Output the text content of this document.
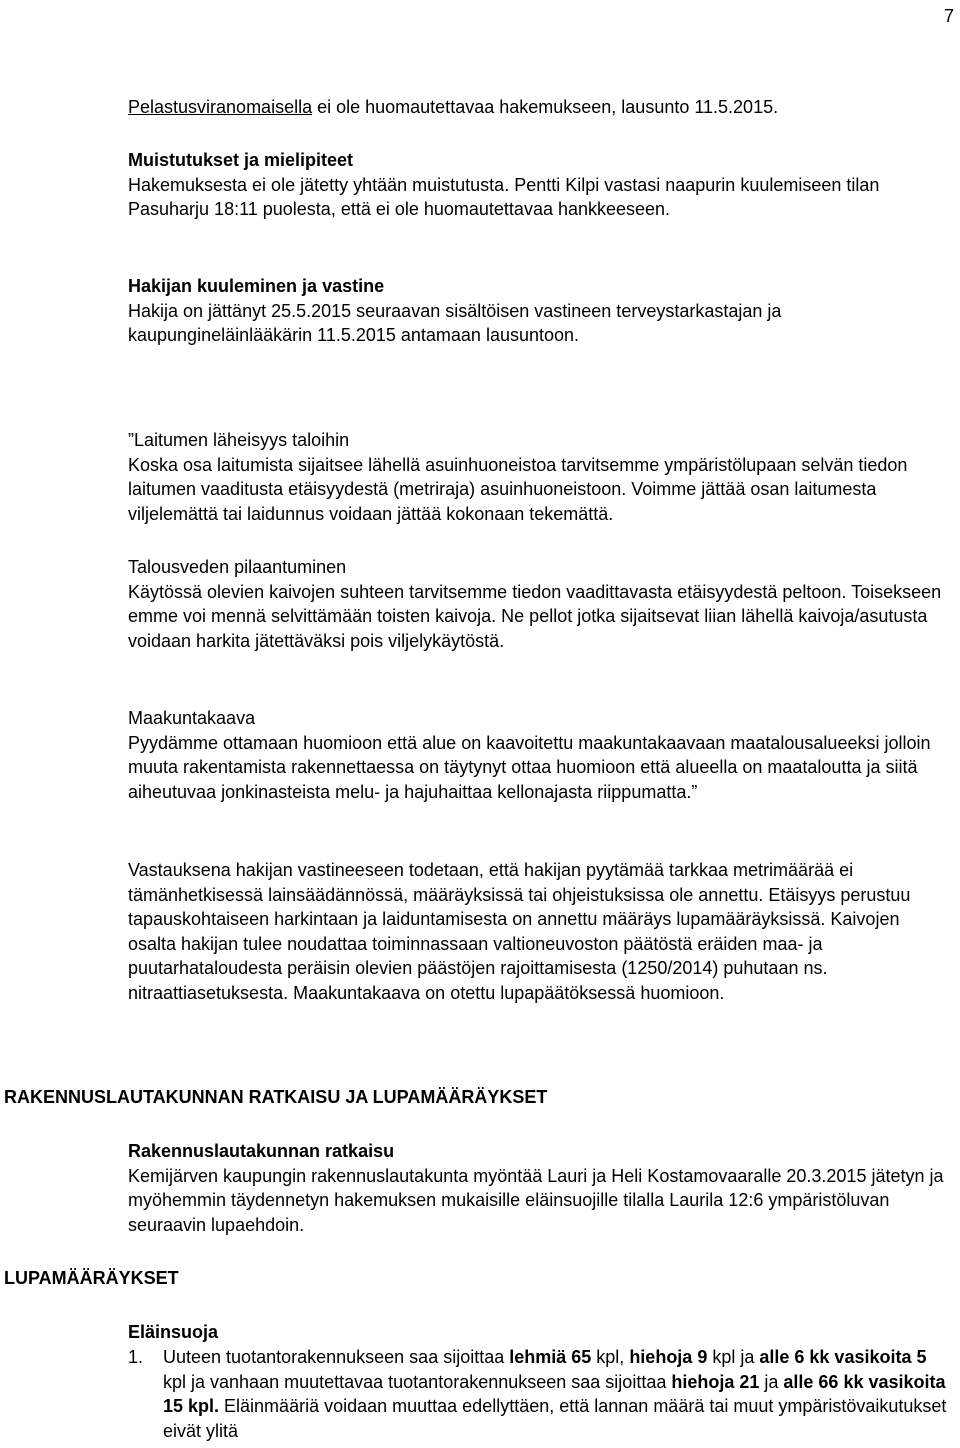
7

Pelastusviranomaisella ei ole huomautettavaa hakemukseen, lausunto 11.5.2015.

Muistutukset ja mielipiteet

Hakemuksesta ei ole jätetty yhtään muistutusta. Pentti Kilpi vastasi naapurin kuulemiseen tilan Pasuharju 18:11 puolesta, että ei ole huomautettavaa hankkeeseen.

Hakijan kuuleminen ja vastine

Hakija on jättänyt 25.5.2015 seuraavan sisältöisen vastineen terveystarkastajan ja kaupungineläinlääkärin 11.5.2015 antamaan lausuntoon.

”Laitumen läheisyys taloihin

Koska osa laitumista sijaitsee lähellä asuinhuoneistoa tarvitsemme ympäristölupaan selvän tiedon laitumen vaaditusta etäisyydestä (metriraja) asuinhuoneistoon. Voimme jättää osan laitumesta viljelemättä tai laidunnus voidaan jättää kokonaan tekemättä.

Talousveden pilaantuminen

Käytössä olevien kaivojen suhteen tarvitsemme tiedon vaadittavasta etäisyydestä peltoon. Toisekseen emme voi mennä selvittämään toisten kaivoja. Ne pellot jotka sijaitsevat liian lähellä kaivoja/asutusta voidaan harkita jätettäväksi pois viljelykäytöstä.

Maakuntakaava

Pyydämme ottamaan huomioon että alue on kaavoitettu maakuntakaavaan maatalousalueeksi jolloin muuta rakentamista rakennettaessa on täytynyt ottaa huomioon että alueella on maataloutta ja siitä aiheutuvaa jonkinasteista melu- ja hajuhaittaa kellonajasta riippumatta.”

Vastauksena hakijan vastineeseen todetaan, että hakijan pyytämää tarkkaa metrimäärää ei tämänhetkisessä lainsäädännössä, määräyksissä tai ohjeistuksissa ole annettu. Etäisyys perustuu tapauskohtaiseen harkintaan ja laiduntamisesta on annettu määräys lupamääräyksissä. Kaivojen osalta hakijan tulee noudattaa toiminnassaan valtioneuvoston päätöstä eräiden maa- ja puutarhataloudesta peräisin olevien päästöjen rajoittamisesta (1250/2014) puhutaan ns. nitraattiasetuksesta. Maakuntakaava on otettu lupapäätöksessä huomioon.

RAKENNUSLAUTAKUNNAN RATKAISU JA LUPAMÄÄRÄYKSET

Rakennuslautakunnan ratkaisu

Kemijärven kaupungin rakennuslautakunta myöntää Lauri ja Heli Kostamovaaralle 20.3.2015 jätetyn ja myöhemmin täydennetyn hakemuksen mukaisille eläinsuojille tilalla Laurila 12:6 ympäristöluvan seuraavin lupaehdoin.

LUPAMÄÄRÄYKSET

Eläinsuoja

1. Uuteen tuotantorakennukseen saa sijoittaa lehmiä 65 kpl, hiehoja 9 kpl ja alle 6 kk vasikoita 5 kpl ja vanhaan muutettavaa tuotantorakennukseen saa sijoittaa hiehoja 21 ja alle 66 kk vasikoita 15 kpl. Eläinmääriä voidaan muuttaa edellyttäen, että lannan määrä tai muut ympäristövaikutukset eivät ylitä
